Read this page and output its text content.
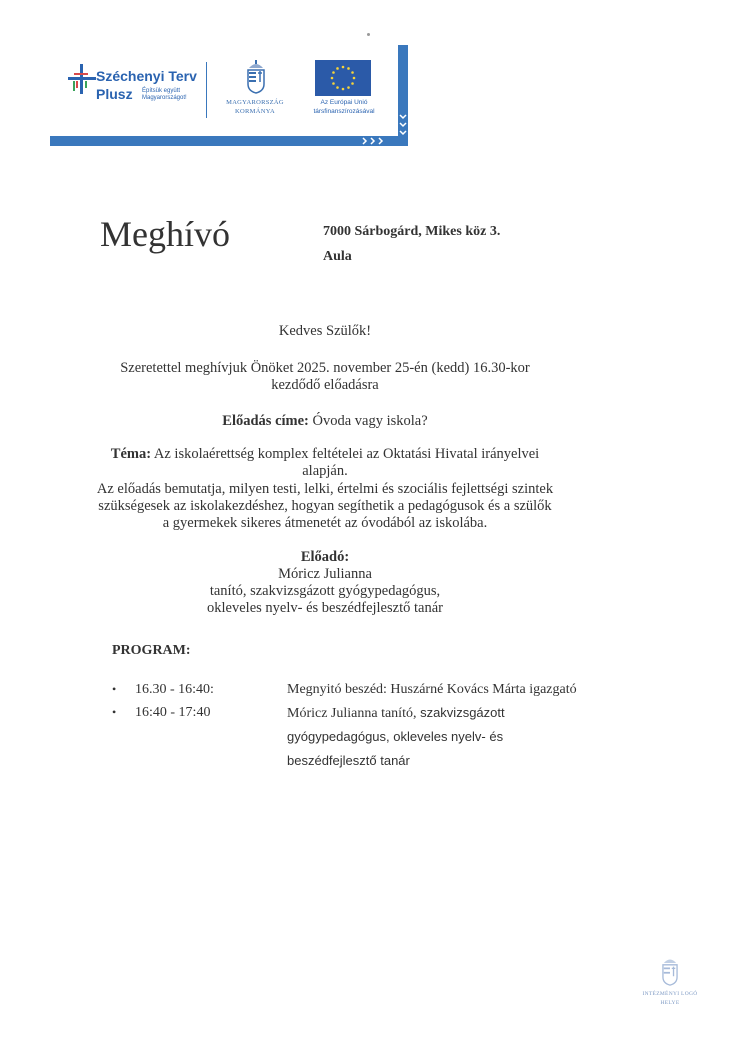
Széchenyi Terv
Plusz Építsük együtt
Magyarországot!
MAGYARORSZÁG
KORMÁNYA
Az Európai Unió
társfinanszírozásával
Meghívó	7000 Sárbogárd, Mikes köz 3.
Aula
Kedves Szülők!
Szeretettel meghívjuk Önöket 2025. november 25-én (kedd) 16.30-kor
kezdődő előadásra
Előadás címe: Óvoda vagy iskola?
Téma: Az iskolaérettség komplex feltételei az Oktatási Hivatal irányelvei
alapján.
Az előadás bemutatja, milyen testi, lelki, értelmi és szociális fejlettségi szintek
szükségesek az iskolakezdéshez, hogyan segíthetik a pedagógusok és a szülők
a gyermekek sikeres átmenetét az óvodából az iskolába.
Előadó:
Móricz Julianna
tanító, szakvizsgázott gyógypedagógus,
okleveles nyelv- és beszédfejlesztő tanár
PROGRAM:
• 16.30 - 16:40:	Megnyitó beszéd: Huszárné Kovács Márta igazgató
• 16:40 - 17:40	Móricz Julianna tanító, szakvizsgázott
gyógypedagógus, okleveles nyelv- és
beszédfejlesztő tanár
INTÉZMÉNYI LOGÓ
HELYE
